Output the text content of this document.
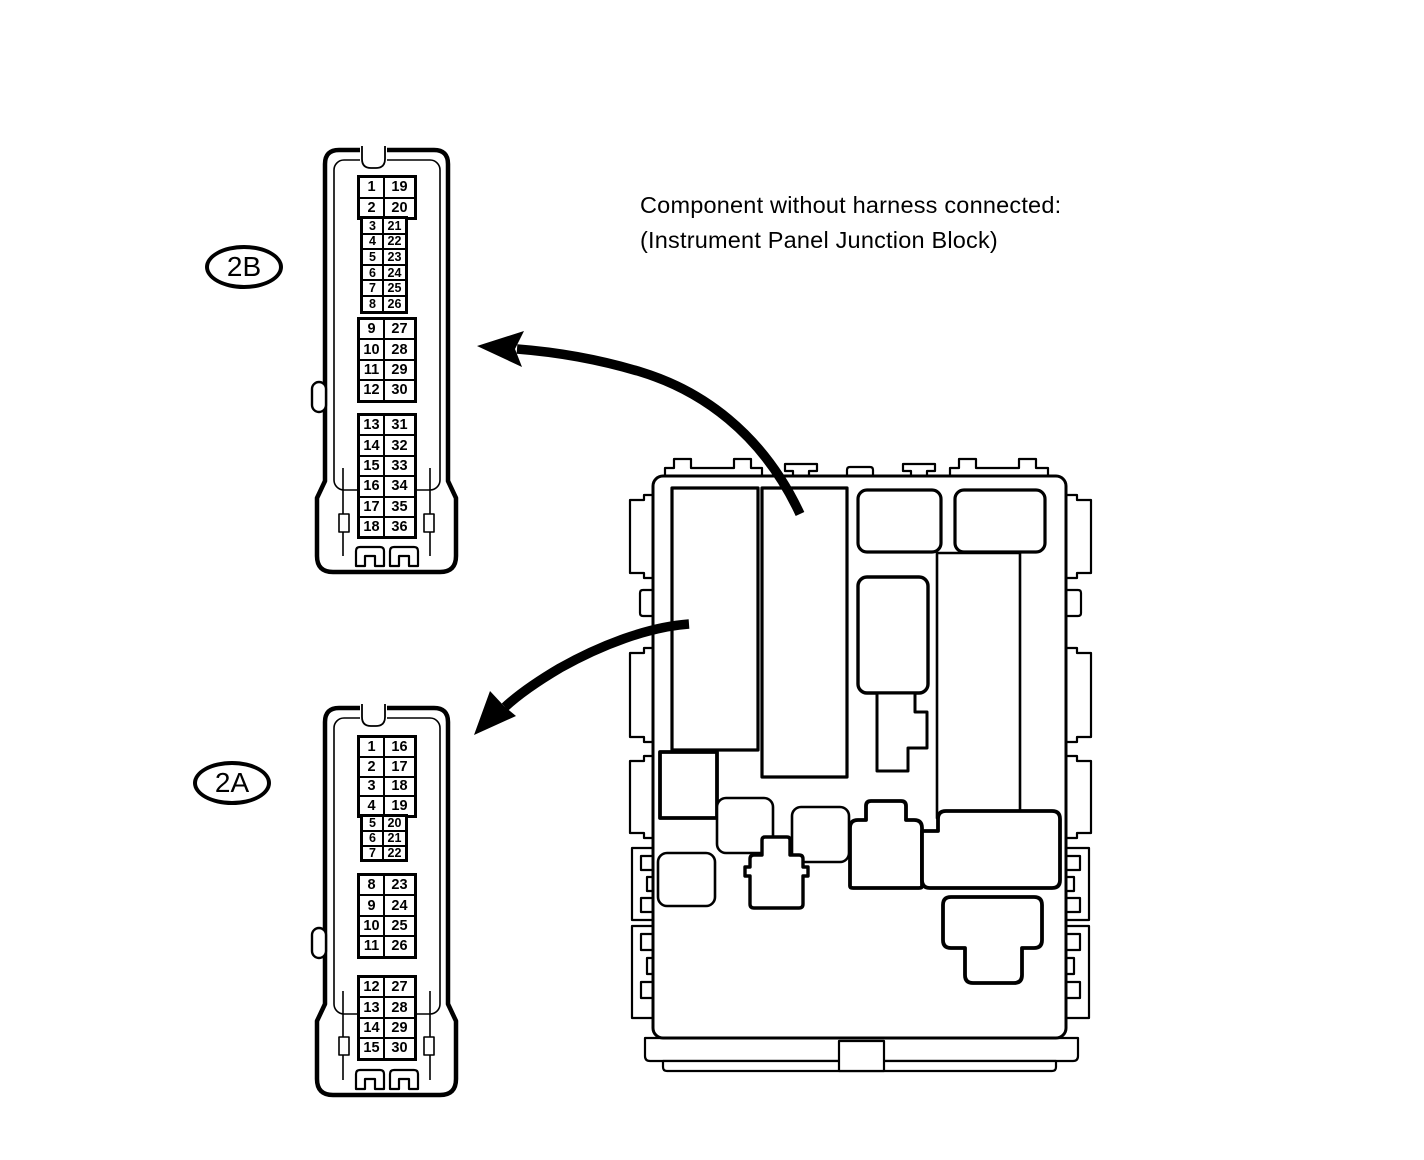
Component without harness connected:
(Instrument Panel Junction Block)
2B
2A
1	19
2	20
3 21
4 22
5 23
6 24
7 25
8 26
9	27
10 28
11 29
12 30
13 31
14 32
15 33
16 34
17 35
18 36
1	16
2	17
3	18
4	19
5 20
6 21
7 22
8	23
9	24
10 25
11 26
12 27
13 28
14 29
15 30
